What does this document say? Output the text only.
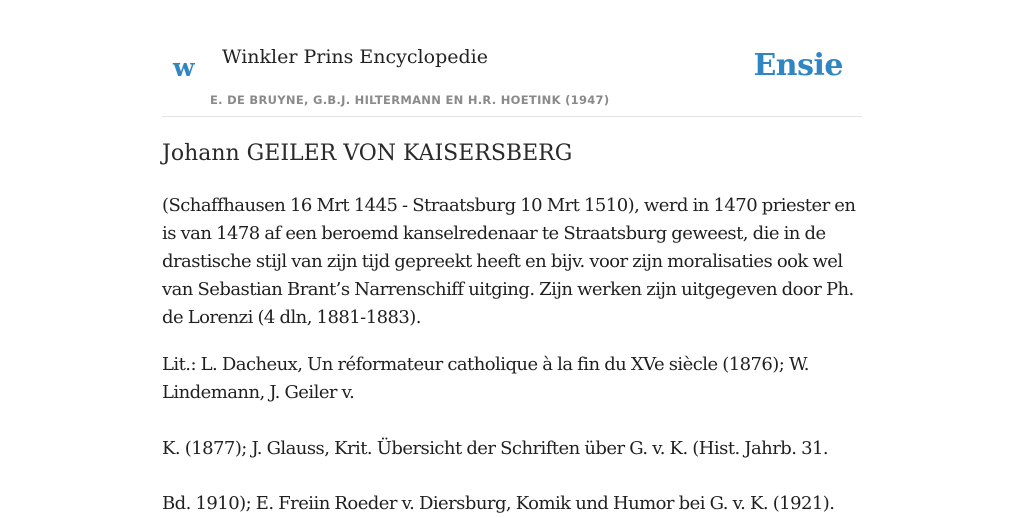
w Winkler Prins Encyclopedie
E. DE BRUYNE, G.B.J. HILTERMANN EN H.R. HOETINK (1947)
Ensie
Johann GEILER VON KAISERSBERG

(Schaffhausen 16 Mrt 1445 - Straatsburg 10 Mrt 1510), werd in 1470 priester en is van 1478 af een beroemd kanselredenaar te Straatsburg geweest, die in de drastische stijl van zijn tijd gepreekt heeft en bijv. voor zijn moralisaties ook wel van Sebastian Brant’s Narrenschiff uitging. Zijn werken zijn uitgegeven door Ph. de Lorenzi (4 dln, 1881-1883).

Lit.: L. Dacheux, Un réformateur catholique à la fin du XVe siècle (1876); W. Lindemann, J. Geiler v.

K. (1877); J. Glauss, Krit. Übersicht der Schriften über G. v. K. (Hist. Jahrb. 31.

Bd. 1910); E. Freiin Roeder v. Diersburg, Komik und Humor bei G. v. K. (1921).
